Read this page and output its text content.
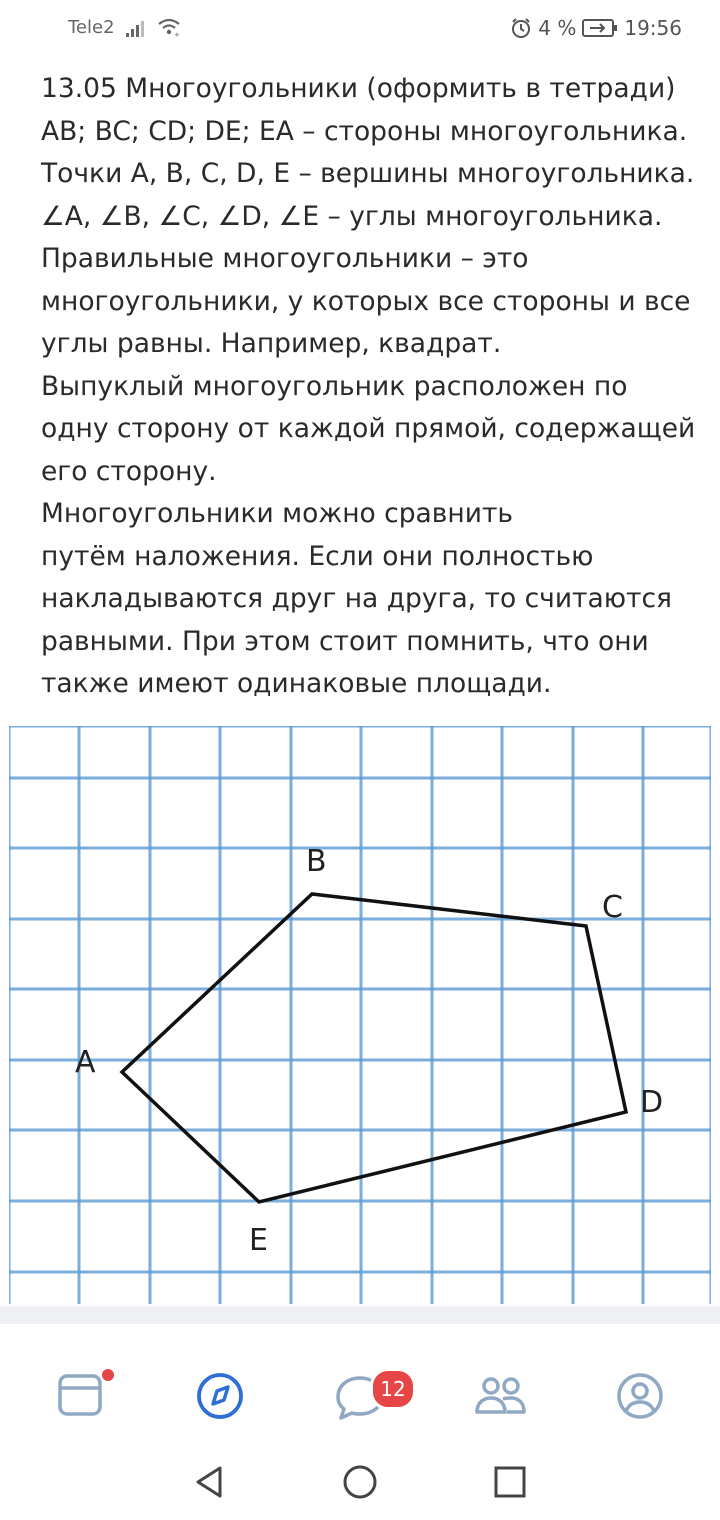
Tele2	+	4 % 19:56

13.05 Многоугольники (оформить в тетради)

AB; BC; CD; DE; EA – стороны многоугольника.

Точки A, B, C, D, E – вершины многоугольника.

∠A, ∠B, ∠C, ∠D, ∠E – углы многоугольника.

Правильные многоугольники – это

многоугольники, у которых все стороны и все

углы равны. Например, квадрат.

Выпуклый многоугольник расположен по

одну сторону от каждой прямой, содержащей

его сторону.

Многоугольники можно сравнить

путём наложения. Если они полностью

накладываются друг на друга, то считаются

равными. При этом стоит помнить, что они

также имеют одинаковые площади.

A
B
C
D
E
12
